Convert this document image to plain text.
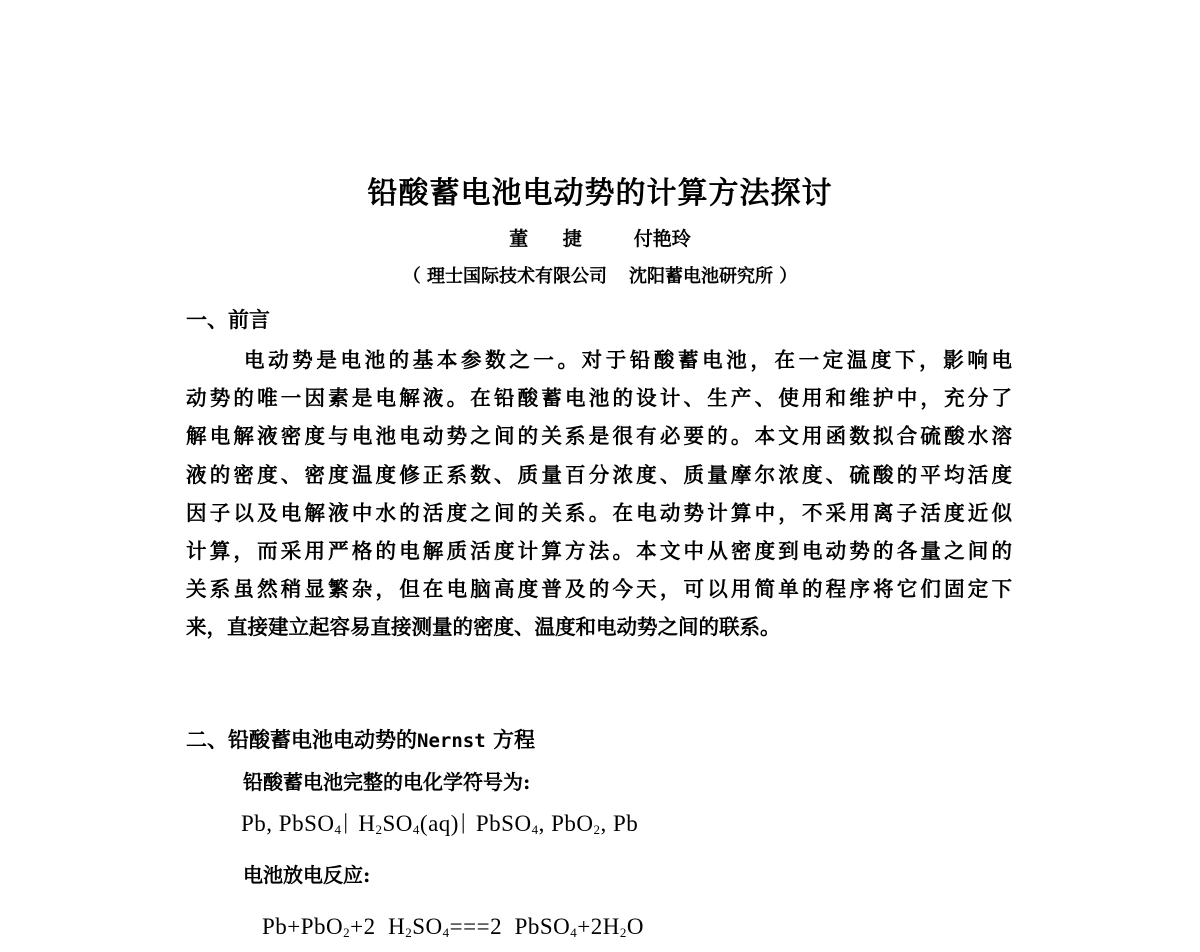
铅酸蓄电池电动势的计算方法探讨
董 捷 付艳玲
（ 理士国际技术有限公司 沈阳蓄电池研究所 ）
一、前言
电动势是电池的基本参数之一。对于铅酸蓄电池，在一定温度下，影响电
动势的唯一因素是电解液。在铅酸蓄电池的设计、生产、使用和维护中，充分了
解电解液密度与电池电动势之间的关系是很有必要的。本文用函数拟合硫酸水溶
液的密度、密度温度修正系数、质量百分浓度、质量摩尔浓度、硫酸的平均活度
因子以及电解液中水的活度之间的关系。在电动势计算中，不采用离子活度近似
计算，而采用严格的电解质活度计算方法。本文中从密度到电动势的各量之间的
关系虽然稍显繁杂，但在电脑高度普及的今天，可以用简单的程序将它们固定下
来，直接建立起容易直接测量的密度、温度和电动势之间的联系。
二、铅酸蓄电池电动势的Nernst 方程
铅酸蓄电池完整的电化学符号为:
Pb, PbSO$_4$| $H_2SO_4(aq)|$ PbSO$_4$, PbO$_2$, Pb
电池放电反应:
Pb+PbO$_2$+2  $H_2SO_4===2$  $PbSO_4+2H_2O$
